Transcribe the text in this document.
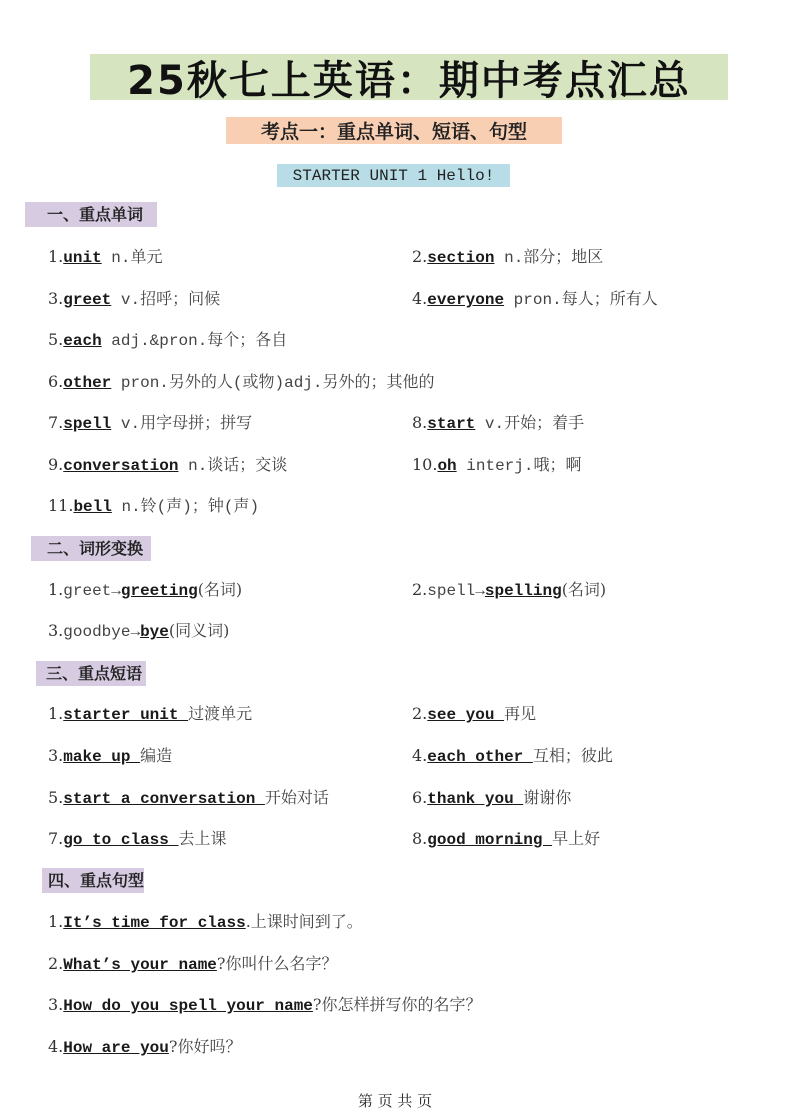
25秋七上英语：期中考点汇总
考点一：重点单词、短语、句型
STARTER UNIT 1 Hello!
一、重点单词
1.unit n.单元	2.section n.部分；地区
3.greet v.招呼；问候	4.everyone pron.每人；所有人
5.each adj.&pron.每个；各自
6.other pron.另外的人(或物)adj.另外的；其他的
7.spell v.用字母拼；拼写	8.start v.开始；着手
9.conversation n.谈话；交谈	10.oh interj.哦；啊
11.bell n.铃(声)；钟(声)
二、词形变换
1.greet→greeting(名词)	2.spell→spelling(名词)
3.goodbye→bye(同义词)
三、重点短语
1.starter unit 过渡单元	2.see you 再见
3.make up 编造	4.each other 互相；彼此
5.start a conversation 开始对话	6.thank you 谢谢你
7.go to class 去上课	8.good morning 早上好
四、重点句型
1.It’s time for class.上课时间到了。
2.What’s your name?你叫什么名字？
3.How do you spell your name?你怎样拼写你的名字？
4.How are you?你好吗？
第 页 共 页
